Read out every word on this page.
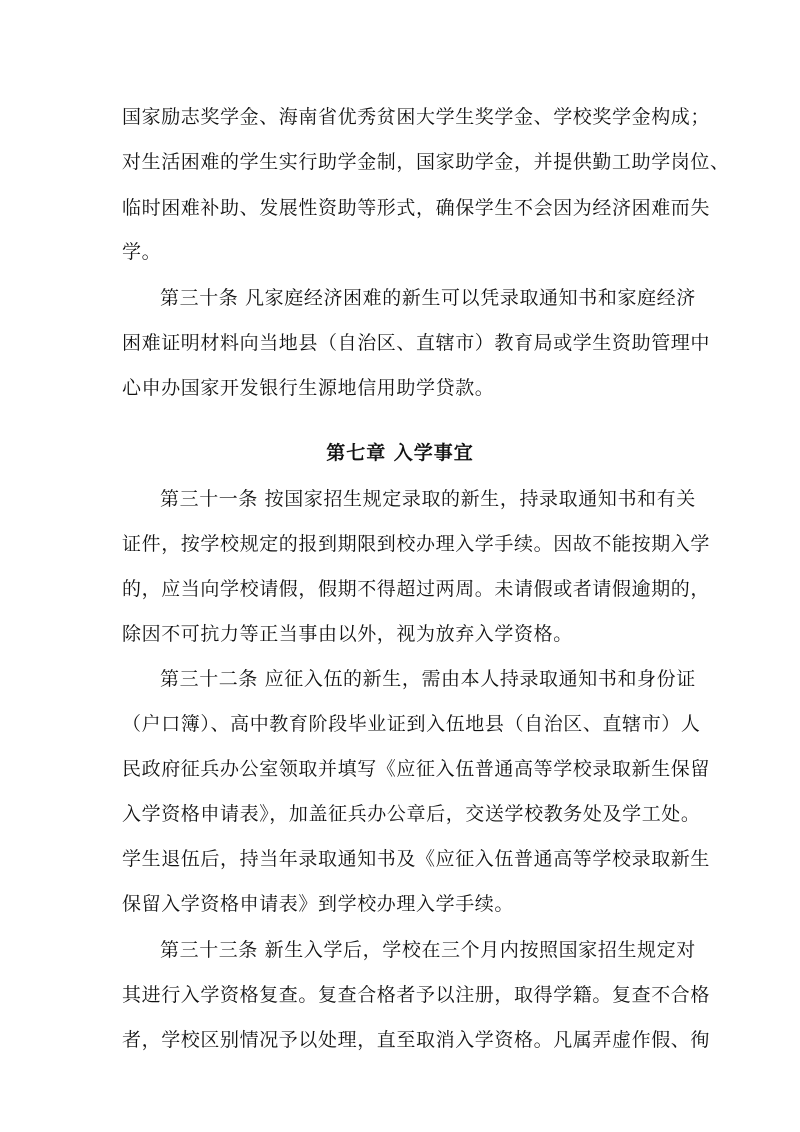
国家励志奖学金、海南省优秀贫困大学生奖学金、学校奖学金构成；
对生活困难的学生实行助学金制，国家助学金，并提供勤工助学岗位、
临时困难补助、发展性资助等形式，确保学生不会因为经济困难而失
学。
第三十条 凡家庭经济困难的新生可以凭录取通知书和家庭经济
困难证明材料向当地县（自治区、直辖市）教育局或学生资助管理中
心申办国家开发银行生源地信用助学贷款。
第七章 入学事宜
第三十一条 按国家招生规定录取的新生，持录取通知书和有关
证件，按学校规定的报到期限到校办理入学手续。因故不能按期入学
的，应当向学校请假，假期不得超过两周。未请假或者请假逾期的，
除因不可抗力等正当事由以外，视为放弃入学资格。
第三十二条 应征入伍的新生，需由本人持录取通知书和身份证
（户口簿）、高中教育阶段毕业证到入伍地县（自治区、直辖市）人
民政府征兵办公室领取并填写《应征入伍普通高等学校录取新生保留
入学资格申请表》，加盖征兵办公章后，交送学校教务处及学工处。
学生退伍后，持当年录取通知书及《应征入伍普通高等学校录取新生
保留入学资格申请表》到学校办理入学手续。
第三十三条 新生入学后，学校在三个月内按照国家招生规定对
其进行入学资格复查。复查合格者予以注册，取得学籍。复查不合格
者，学校区别情况予以处理，直至取消入学资格。凡属弄虚作假、徇
